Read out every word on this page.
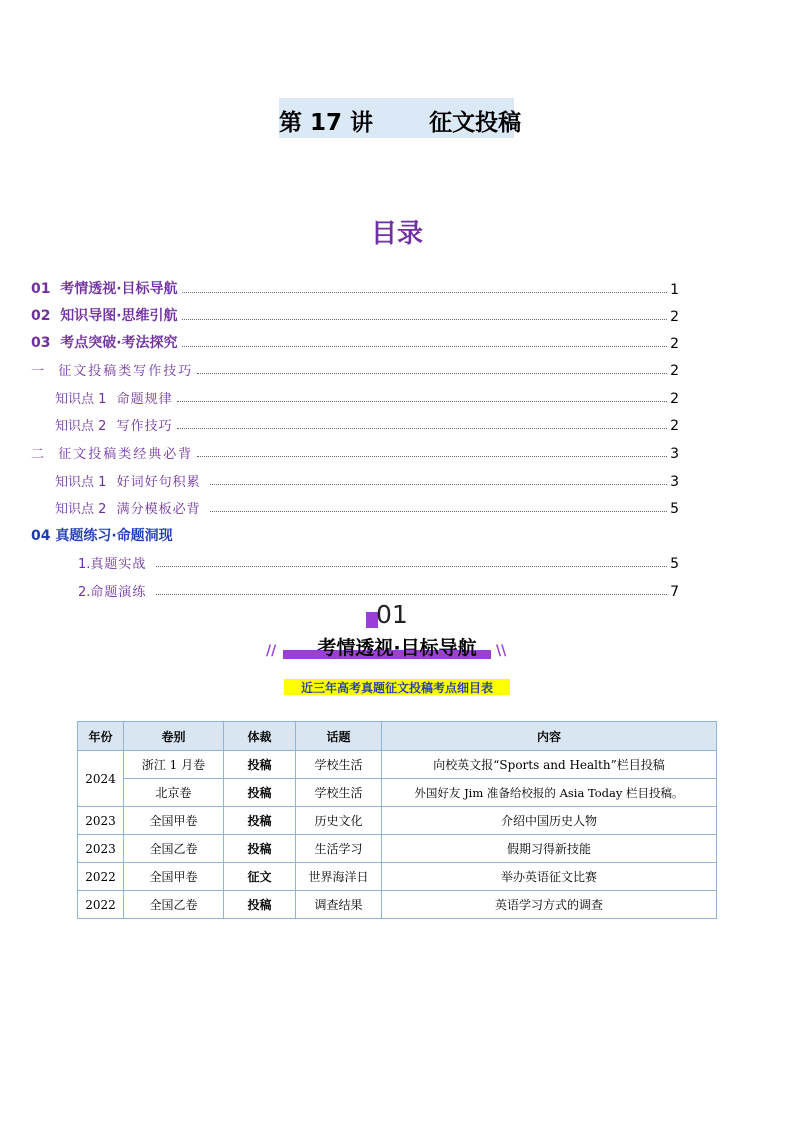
第 17 讲       征文投稿
目录
01  考情透视·目标导航	1
02  知识导图·思维引航	2
03  考点突破·考法探究	2
一  征文投稿类写作技巧	2
知识点 1  命题规律	2
知识点 2  写作技巧	2
二  征文投稿类经典必背	3
知识点 1  好词好句积累	3
知识点 2  满分模板必背	5
04 真题练习·命题洞现
1.真题实战	5
2.命题演练	7
01
//	\\
考情透视·目标导航
近三年高考真题征文投稿考点细目表
年份	卷别	体裁	话题	内容
2024	浙江 1 月卷	投稿	学校生活	向校英文报“Sports and Health”栏目投稿
	北京卷	投稿	学校生活	外国好友 Jim 准备给校报的 Asia Today 栏目投稿。
2023	全国甲卷	投稿	历史文化	介绍中国历史人物
2023	全国乙卷	投稿	生活学习	假期习得新技能
2022	全国甲卷	征文	世界海洋日	举办英语征文比赛
2022	全国乙卷	投稿	调查结果	英语学习方式的调查
